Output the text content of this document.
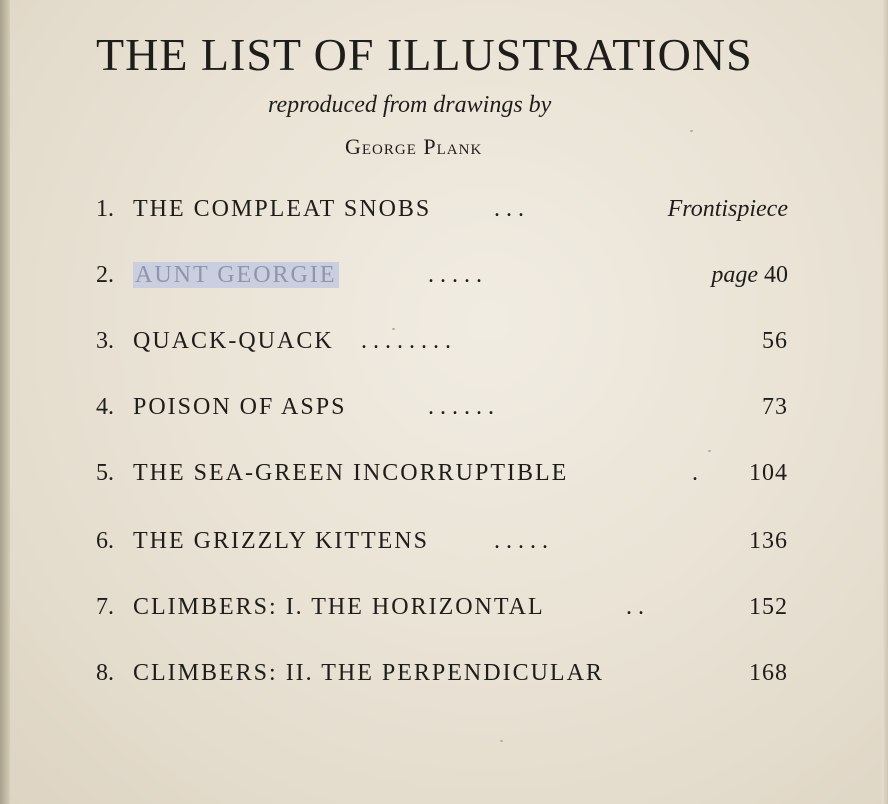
THE LIST OF ILLUSTRATIONS
reproduced from drawings by
George Plank
1. THE COMPLEAT SNOBS	. . .	Frontispiece
2. AUNT GEORGIE	. . . . .	page 40
3. QUACK-QUACK . . . . . . . .	56
4. POISON OF ASPS	. . . . . .	73
5. THE SEA-GREEN INCORRUPTIBLE	. 104
6. THE GRIZZLY KITTENS	. . . . .	136
7. CLIMBERS: I. THE HORIZONTAL	. .	152
8. CLIMBERS: II. THE PERPENDICULAR	168
